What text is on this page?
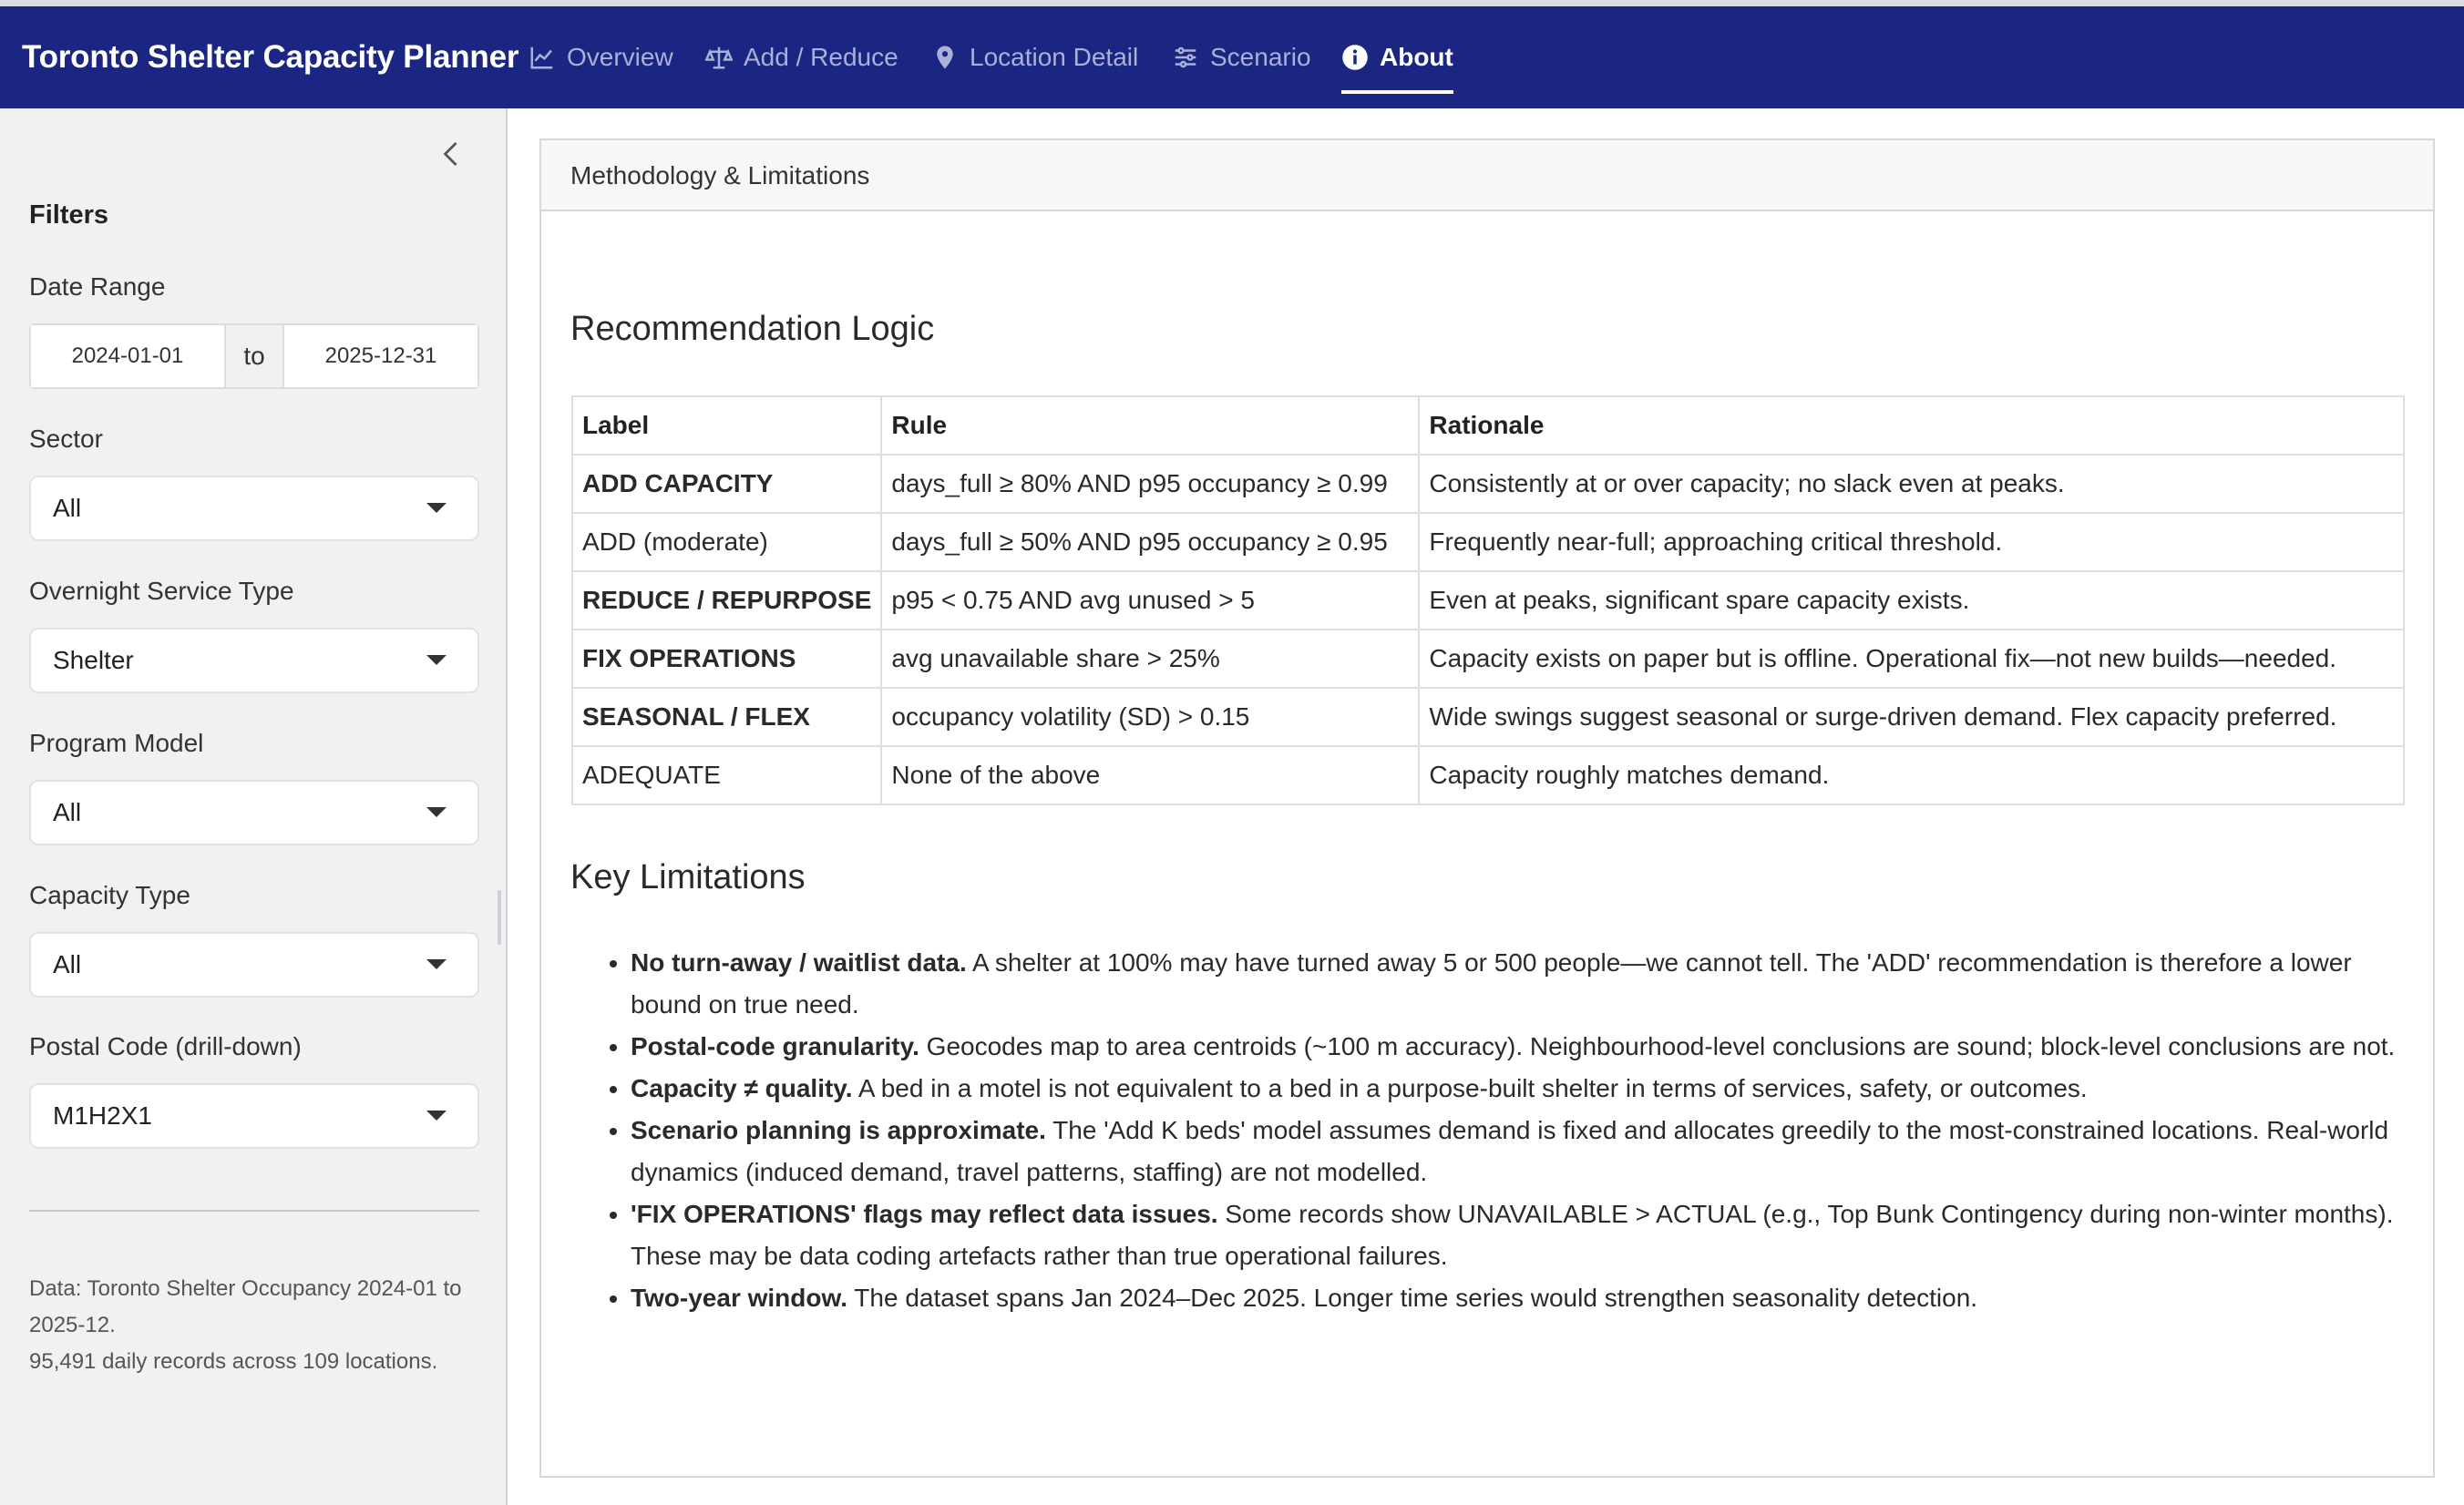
Toronto Shelter Capacity Planner Overview	Add / Reduce	Location Detail	Scenario	About
Filters
Date Range
2024-01-01
to
2025-12-31
Sector
All
Overnight Service Type
Shelter
Program Model
All
Capacity Type
All
Postal Code (drill-down)
M1H2X1
Data: Toronto Shelter Occupancy 2024-01 to 2025-12.
95,491 daily records across 109 locations.
Methodology & Limitations
Recommendation Logic
Label	Rule	Rationale
ADD CAPACITY	days_full ≥ 80% AND p95 occupancy ≥ 0.99	Consistently at or over capacity; no slack even at peaks.
ADD (moderate)	days_full ≥ 50% AND p95 occupancy ≥ 0.95	Frequently near-full; approaching critical threshold.
REDUCE / REPURPOSE	p95 < 0.75 AND avg unused > 5	Even at peaks, significant spare capacity exists.
FIX OPERATIONS	avg unavailable share > 25%	Capacity exists on paper but is offline. Operational fix—not new builds—needed.
SEASONAL / FLEX	occupancy volatility (SD) > 0.15	Wide swings suggest seasonal or surge-driven demand. Flex capacity preferred.
ADEQUATE	None of the above	Capacity roughly matches demand.
Key Limitations
• No turn-away / waitlist data. A shelter at 100% may have turned away 5 or 500 people—we cannot tell. The 'ADD' recommendation is therefore a lower bound on true need.
• Postal-code granularity. Geocodes map to area centroids (~100 m accuracy). Neighbourhood-level conclusions are sound; block-level conclusions are not.
• Capacity ≠ quality. A bed in a motel is not equivalent to a bed in a purpose-built shelter in terms of services, safety, or outcomes.
• Scenario planning is approximate. The 'Add K beds' model assumes demand is fixed and allocates greedily to the most-constrained locations. Real-world dynamics (induced demand, travel patterns, staffing) are not modelled.
• 'FIX OPERATIONS' flags may reflect data issues. Some records show UNAVAILABLE > ACTUAL (e.g., Top Bunk Contingency during non-winter months). These may be data coding artefacts rather than true operational failures.
• Two-year window. The dataset spans Jan 2024–Dec 2025. Longer time series would strengthen seasonality detection.
